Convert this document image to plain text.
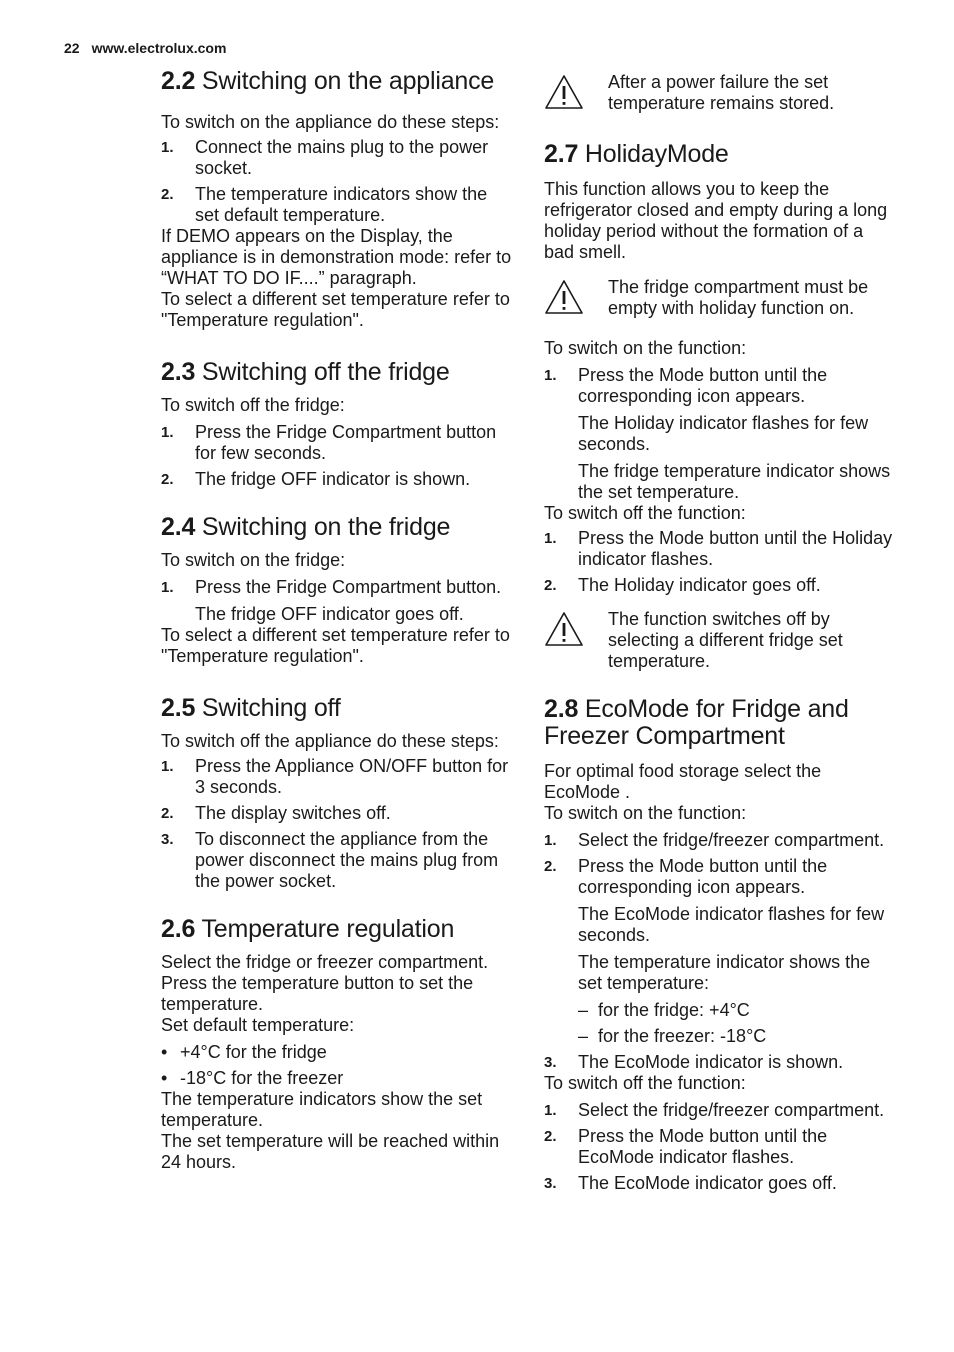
22 www.electrolux.com
2.2 Switching on the appliance

To switch on the appliance do these steps:

1. Connect the mains plug to the power socket.
2. The temperature indicators show the set default temperature.

If DEMO appears on the Display, the appliance is in demonstration mode: refer to “WHAT TO DO IF....” paragraph.

To select a different set temperature refer to "Temperature regulation".

2.3 Switching off the fridge

To switch off the fridge:

1. Press the Fridge Compartment button for few seconds.
2. The fridge OFF indicator is shown.
2.4 Switching on the fridge

To switch on the fridge:

1. Press the Fridge Compartment button.

The fridge OFF indicator goes off.

To select a different set temperature refer to "Temperature regulation".

2.5 Switching off

To switch off the appliance do these steps:

1. Press the Appliance ON/OFF button for 3 seconds.
2. The display switches off.
3. To disconnect the appliance from the power disconnect the mains plug from the power socket.
2.6 Temperature regulation

Select the fridge or freezer compartment.

Press the temperature button to set the temperature.

Set default temperature:

• +4°C for the fridge
• -18°C for the freezer

The temperature indicators show the set temperature.

The set temperature will be reached within 24 hours.

After a power failure the set temperature remains stored.

2.7 HolidayMode

This function allows you to keep the refrigerator closed and empty during a long holiday period without the formation of a bad smell.

The fridge compartment must be empty with holiday function on.

To switch on the function:

1. Press the Mode button until the corresponding icon appears.

The Holiday indicator flashes for few seconds.

The fridge temperature indicator shows the set temperature.

To switch off the function:

1. Press the Mode button until the Holiday indicator flashes.
2. The Holiday indicator goes off.

The function switches off by selecting a different fridge set temperature.

2.8 EcoMode for Fridge and Freezer Compartment

For optimal food storage select the EcoMode .

To switch on the function:

1. Select the fridge/freezer compartment.
2. Press the Mode button until the corresponding icon appears.

The EcoMode indicator flashes for few seconds.

The temperature indicator shows the set temperature:

– for the fridge: +4°C
– for the freezer: -18°C
3. The EcoMode indicator is shown.

To switch off the function:

1. Select the fridge/freezer compartment.
2. Press the Mode button until the EcoMode indicator flashes.
3. The EcoMode indicator goes off.
